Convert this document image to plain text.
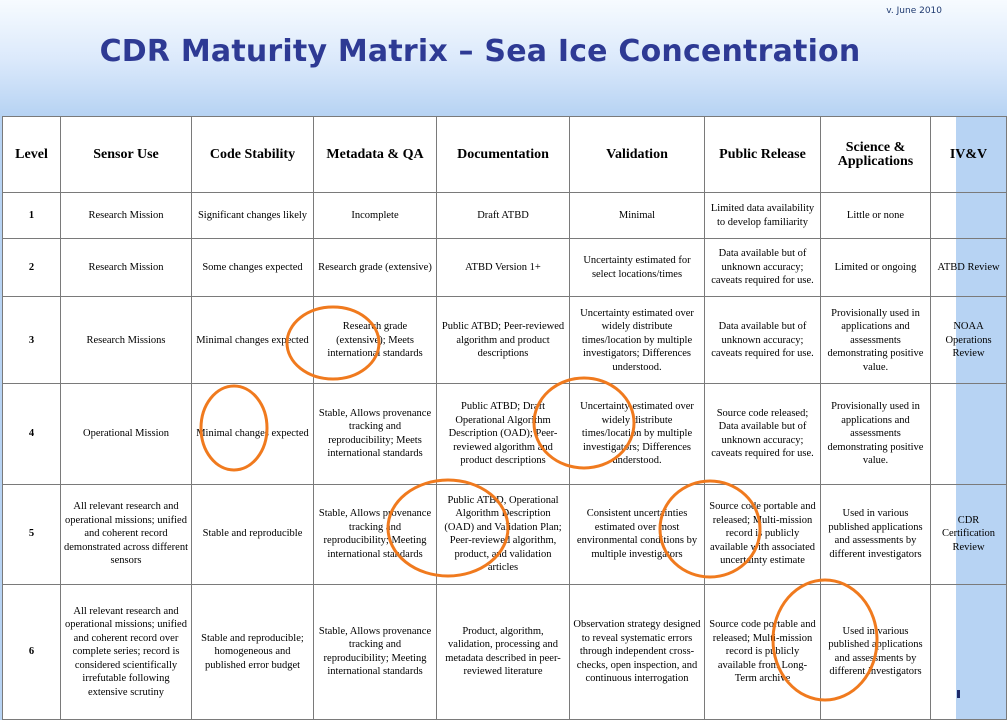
v. June 2010
CDR Maturity Matrix – Sea Ice Concentration
Level	Sensor Use	Code Stability	Metadata & QA	Documentation	Validation	Public Release	Science & Applications	IV&V
1	Research Mission	Significant changes likely	Incomplete	Draft ATBD	Minimal	Limited data availability to develop familiarity	Little or none	
2	Research Mission	Some changes expected	Research grade (extensive)	ATBD Version 1+	Uncertainty estimated for select locations/times	Data available but of unknown accuracy; caveats required for use.	Limited or ongoing	ATBD Review
3	Research Missions	Minimal changes expected	Research grade (extensive); Meets international standards	Public ATBD; Peer-reviewed algorithm and product descriptions	Uncertainty estimated over widely distribute times/location by multiple investigators; Differences understood.	Data available but of unknown accuracy; caveats required for use.	Provisionally used in applications and assessments demonstrating positive value.	NOAA Operations Review
4	Operational Mission	Minimal changes expected	Stable, Allows provenance tracking and reproducibility; Meets international standards	Public ATBD; Draft Operational Algorithm Description (OAD); Peer-reviewed algorithm and product descriptions	Uncertainty estimated over widely distribute times/location by multiple investigators; Differences understood.	Source code released; Data available but of unknown accuracy; caveats required for use.	Provisionally used in applications and assessments demonstrating positive value.	
5	All relevant research and operational missions; unified and coherent record demonstrated across different sensors	Stable and reproducible	Stable, Allows provenance tracking and reproducibility; Meeting international standards	Public ATBD, Operational Algorithm Description (OAD) and Validation Plan; Peer-reviewed algorithm, product, and validation articles	Consistent uncertainties estimated over most environmental conditions by multiple investigators	Source code portable and released; Multi-mission record is publicly available with associated uncertainty estimate	Used in various published applications and assessments by different investigators	CDR Certification Review
6	All relevant research and operational missions; unified and coherent record over complete series; record is considered scientifically irrefutable following extensive scrutiny	Stable and reproducible; homogeneous and published error budget	Stable, Allows provenance tracking and reproducibility; Meeting international standards	Product, algorithm, validation, processing and metadata described in peer-reviewed literature	Observation strategy designed to reveal systematic errors through independent cross-checks, open inspection, and continuous interrogation	Source code portable and released; Multi-mission record is publicly available from Long-Term archive	Used in various published applications and assessments by different investigators	
